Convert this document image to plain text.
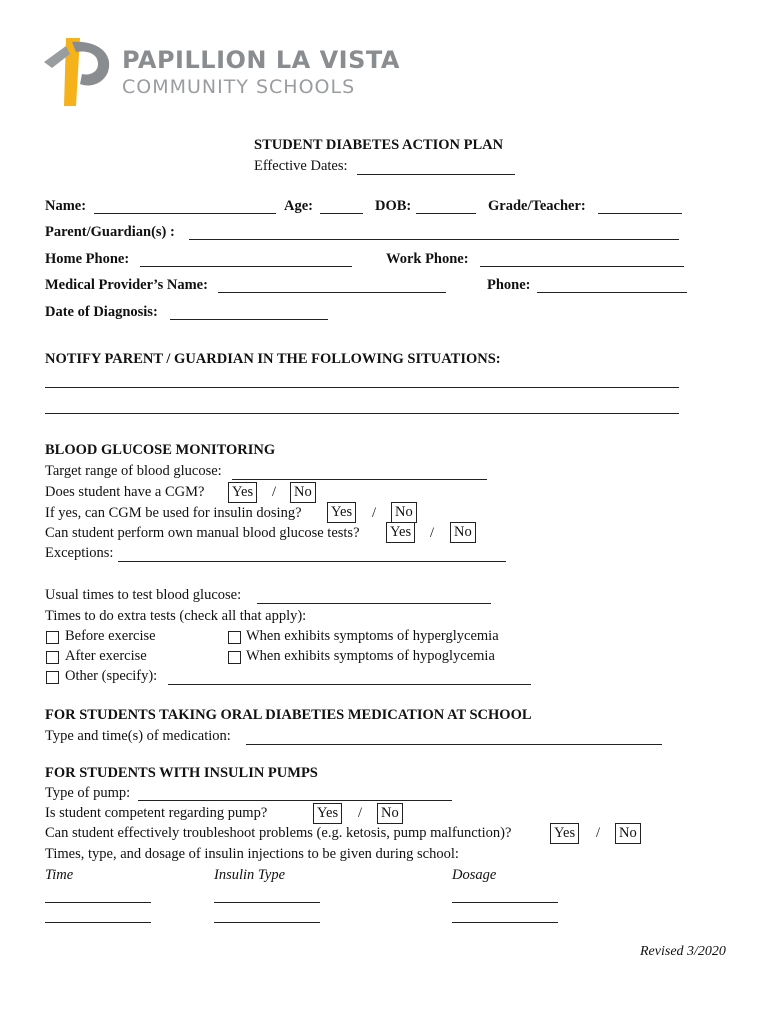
PAPILLION LA VISTA
COMMUNITY SCHOOLS
STUDENT DIABETES ACTION PLAN
Effective Dates:
Name:	Age:	DOB:	Grade/Teacher:
Parent/Guardian(s) :
Home Phone:	Work Phone:
Medical Provider’s Name:	Phone:
Date of Diagnosis:
NOTIFY PARENT / GUARDIAN IN THE FOLLOWING SITUATIONS:
BLOOD GLUCOSE MONITORING
Target range of blood glucose:
Does student have a CGM? Yes / No
If yes, can CGM be used for insulin dosing? Yes / No
Can student perform own manual blood glucose tests? Yes / No
Exceptions:
Usual times to test blood glucose:
Times to do extra tests (check all that apply):
Before exercise	When exhibits symptoms of hyperglycemia
After exercise	When exhibits symptoms of hypoglycemia
Other (specify):
FOR STUDENTS TAKING ORAL DIABETIES MEDICATION AT SCHOOL
Type and time(s) of medication:
FOR STUDENTS WITH INSULIN PUMPS
Type of pump:
Is student competent regarding pump?	Yes / No
Can student effectively troubleshoot problems (e.g. ketosis, pump malfunction)?	Yes / No
Times, type, and dosage of insulin injections to be given during school:
Time	Insulin Type	Dosage
Revised 3/2020
